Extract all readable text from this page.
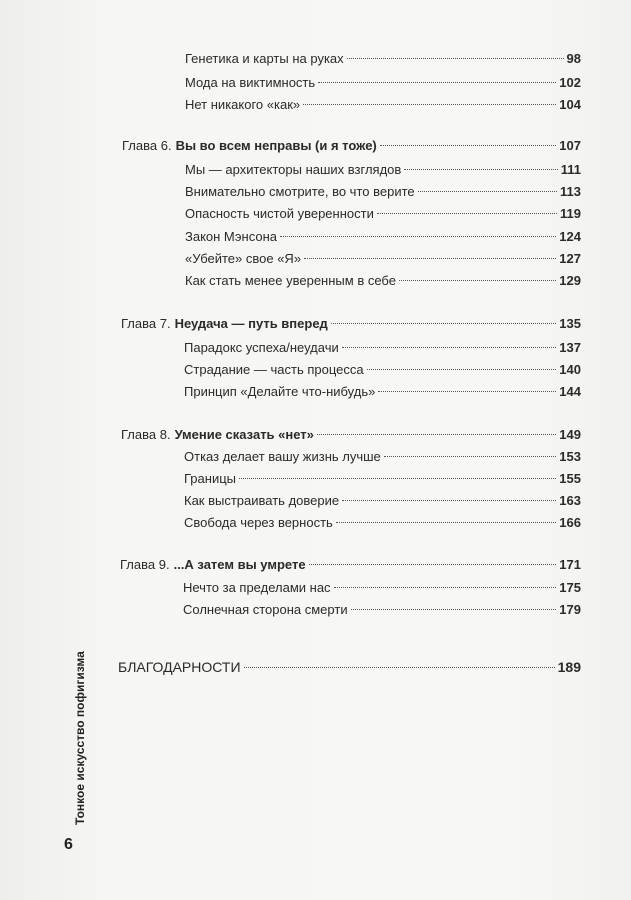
Генетика и карты на руках	98
Мода на виктимность	102
Нет никакого «как»	104
Глава 6. Вы во всем неправы (и я тоже)	107
Мы — архитекторы наших взглядов	111
Внимательно смотрите, во что верите	113
Опасность чистой уверенности	119
Закон Мэнсона	124
«Убейте» свое «Я»	127
Как стать менее уверенным в себе	129
Глава 7. Неудача — путь вперед	135
Парадокс успеха/неудачи	137
Страдание — часть процесса	140
Принцип «Делайте что-нибудь»	144
Глава 8. Умение сказать «нет»	149
Отказ делает вашу жизнь лучше	153
Границы	155
Как выстраивать доверие	163
Свобода через верность	166
Глава 9. ...А затем вы умрете	171
Нечто за пределами нас	175
Солнечная сторона смерти	179
БЛАГОДАРНОСТИ	189
Тонкое искусство пофигизма
6
